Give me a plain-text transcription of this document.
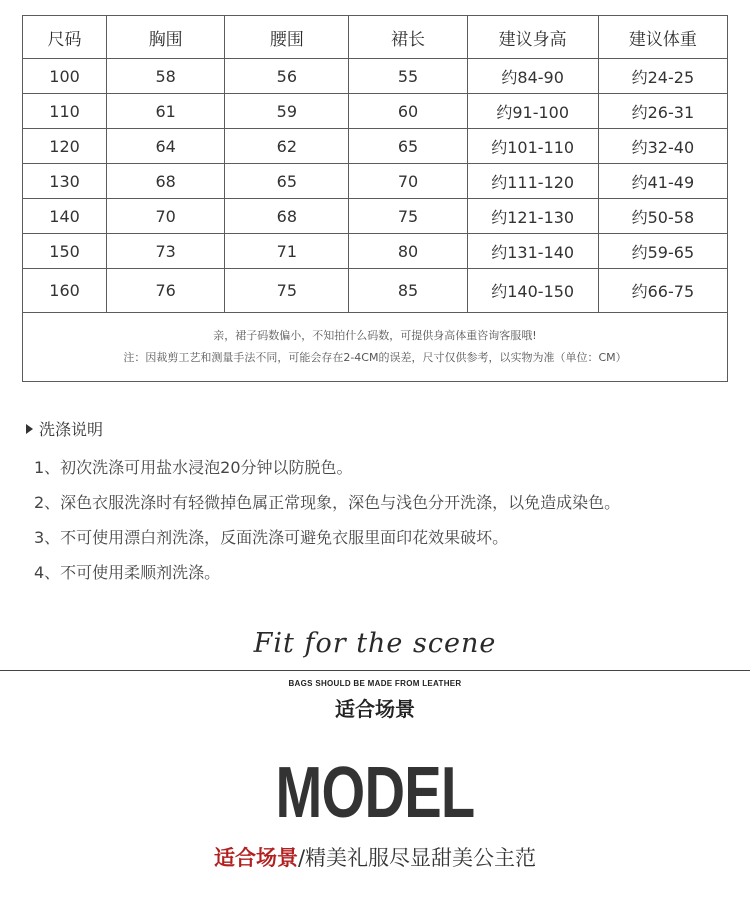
尺码	胸围	腰围	裙长	建议身高	建议体重
100	58	56	55	约84-90	约24-25
110	61	59	60	约91-100	约26-31
120	64	62	65	约101-110	约32-40
130	68	65	70	约111-120	约41-49
140	70	68	75	约121-130	约50-58
150	73	71	80	约131-140	约59-65
160	76	75	85	约140-150	约66-75

亲，裙子码数偏小，不知拍什么码数，可提供身高体重咨询客服哦!
注：因裁剪工艺和测量手法不同，可能会存在2-4CM的误差，尺寸仅供参考，以实物为准（单位：CM）					
洗涤说明
1、初次洗涤可用盐水浸泡20分钟以防脱色。
2、深色衣服洗涤时有轻微掉色属正常现象，深色与浅色分开洗涤，以免造成染色。
3、不可使用漂白剂洗涤，反面洗涤可避免衣服里面印花效果破坏。
4、不可使用柔顺剂洗涤。
Fit for the scene
BAGS SHOULD BE MADE FROM LEATHER
适合场景
MODEL
适合场景/精美礼服尽显甜美公主范
